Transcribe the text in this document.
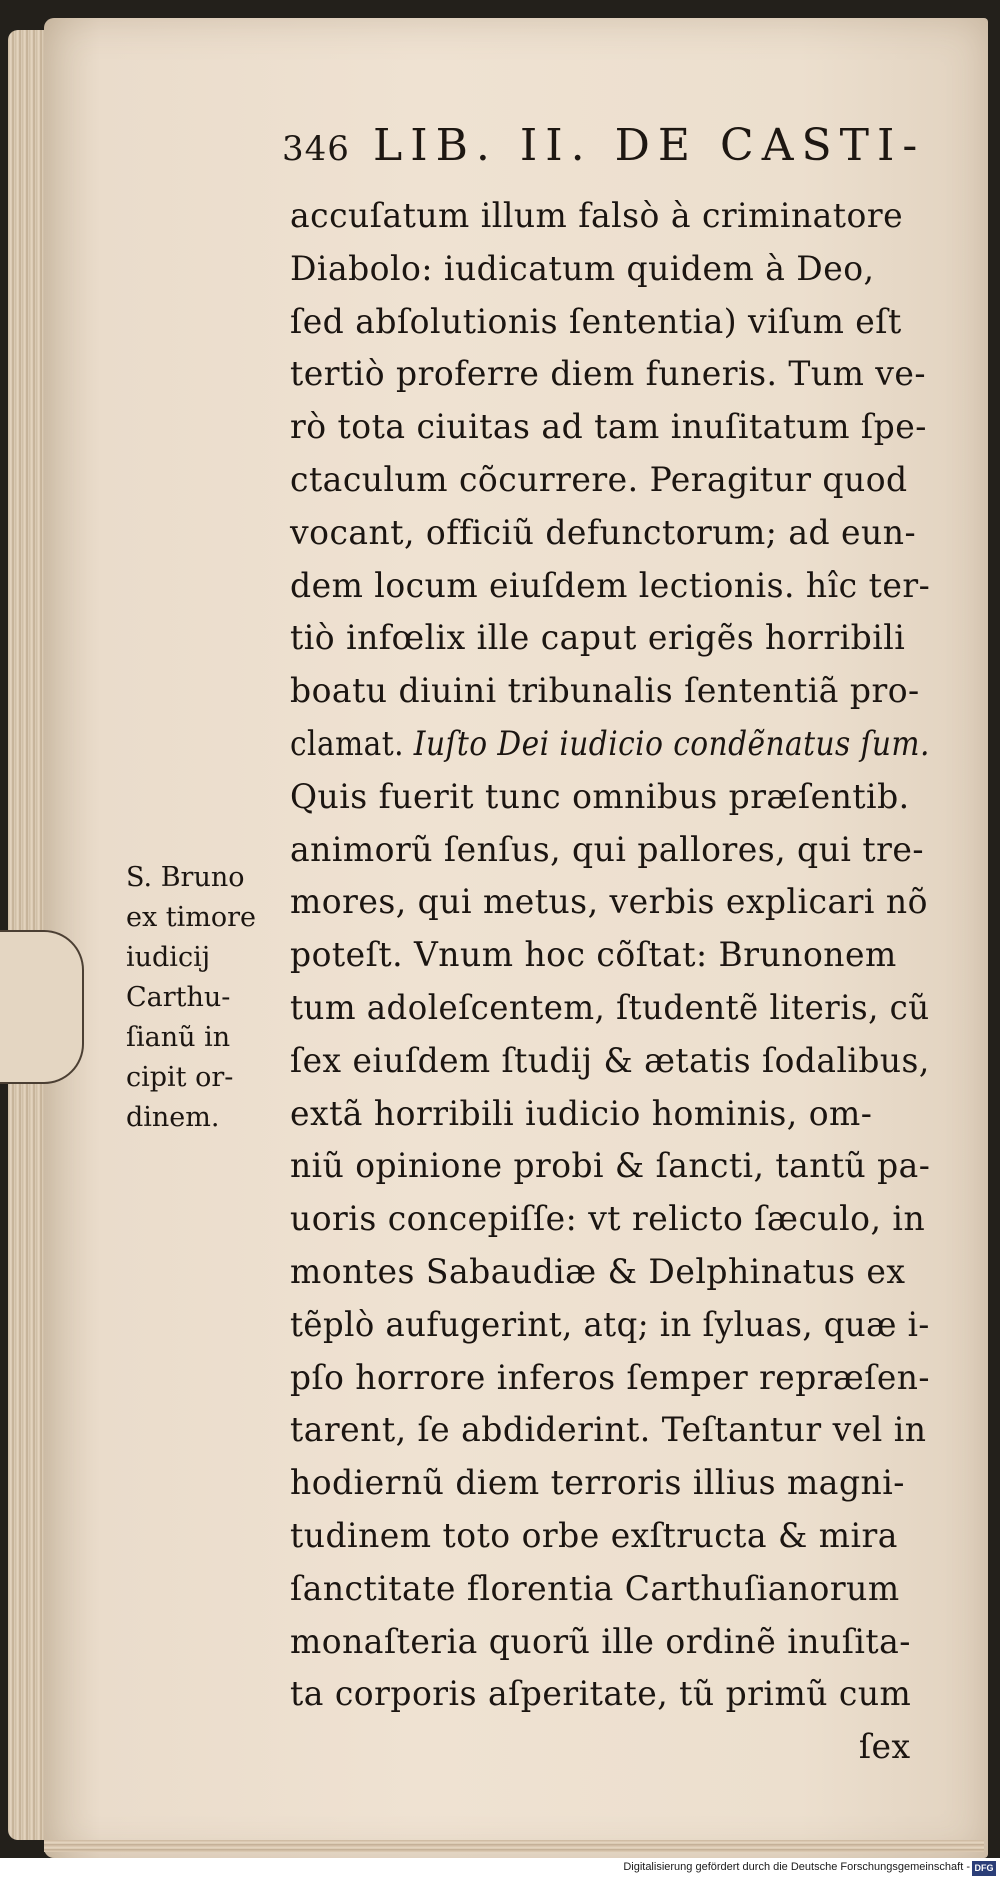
346 LIB. II. DE CASTI-
accuſatum illum falsò à criminatore
Diabolo: iudicatum quidem à Deo,
ſed abſolutionis ſententia) viſum eſt
tertiò proferre diem funeris. Tum ve-
rò tota ciuitas ad tam inuſitatum ſpe-
ctaculum cõcurrere. Peragitur quod
vocant, officiũ defunctorum; ad eun-
dem locum eiuſdem lectionis. hîc ter-
tiò infœlix ille caput erigẽs horribili
boatu diuini tribunalis ſententiã pro-
clamat. Iuſto Dei iudicio condẽnatus ſum.
Quis fuerit tunc omnibus præſentib.
animorũ ſenſus, qui pallores, qui tre-
mores, qui metus, verbis explicari nõ
poteſt. Vnum hoc cõſtat: Brunonem
tum adoleſcentem, ſtudentẽ literis, cũ
ſex eiuſdem ſtudij & ætatis ſodalibus,
extã horribili iudicio hominis, om-
niũ opinione probi & ſancti, tantũ pa-
uoris concepiſſe: vt relicto ſæculo, in
montes Sabaudiæ & Delphinatus ex
tẽplò aufugerint, atq; in ſyluas, quæ i-
pſo horrore inferos ſemper repræſen-
tarent, ſe abdiderint. Teſtantur vel in
hodiernũ diem terroris illius magni-
tudinem toto orbe exſtructa & mira
ſanctitate florentia Carthuſianorum
monaſteria quorũ ille ordinẽ inuſita-
ta corporis aſperitate, tũ primũ cum
ſex
S. Bruno
ex timore
iudicij
Carthu-
ſianũ in
cipit or-
dinem.
Digitalisierung gefördert durch die Deutsche Forschungsgemeinschaft - DFG
